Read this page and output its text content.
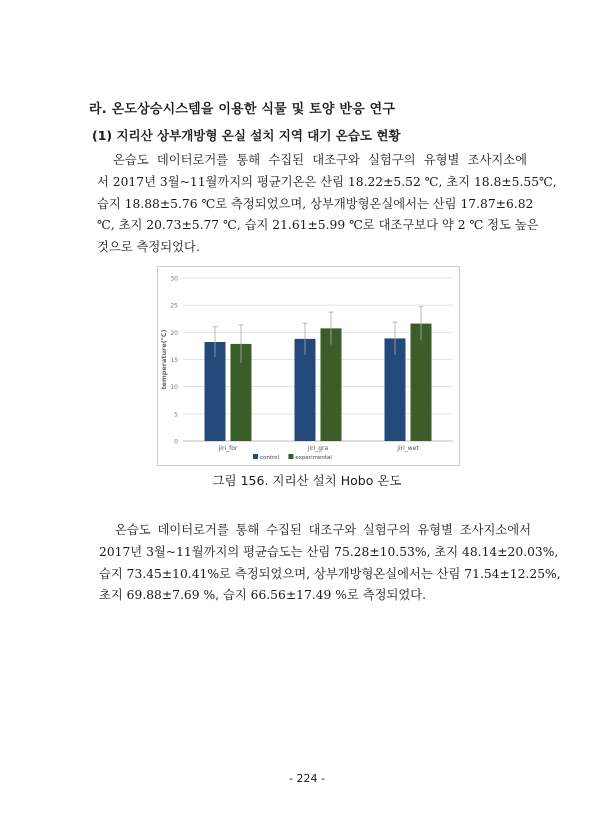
라. 온도상승시스템을 이용한 식물 및 토양 반응 연구
(1) 지리산 상부개방형 온실 설치 지역 대기 온습도 현황
온습도 데이터로거를 통해 수집된 대조구와 실험구의 유형별 조사지소에
서 2017년 3월~11월까지의 평균기온은 산림 18.22±5.52 ℃, 초지 18.8±5.55℃,
습지 18.88±5.76 ℃로 측정되었으며, 상부개방형온실에서는 산림 17.87±6.82
℃, 초지 20.73±5.77 ℃, 습지 21.61±5.99 ℃로 대조구보다 약 2 ℃ 정도 높은
것으로 측정되었다.
0
5
10
15
20
25
30
temperature(℃)
jiri_for	jiri_gra	jiri_wet
control	experimental
그림 156. 지리산 설치 Hobo 온도
온습도 데이터로거를 통해 수집된 대조구와 실험구의 유형별 조사지소에서
2017년 3월~11월까지의 평균습도는 산림 75.28±10.53%, 초지 48.14±20.03%,
습지 73.45±10.41%로 측정되었으며, 상부개방형온실에서는 산림 71.54±12.25%,
초지 69.88±7.69 %, 습지 66.56±17.49 %로 측정되었다.
- 224 -
